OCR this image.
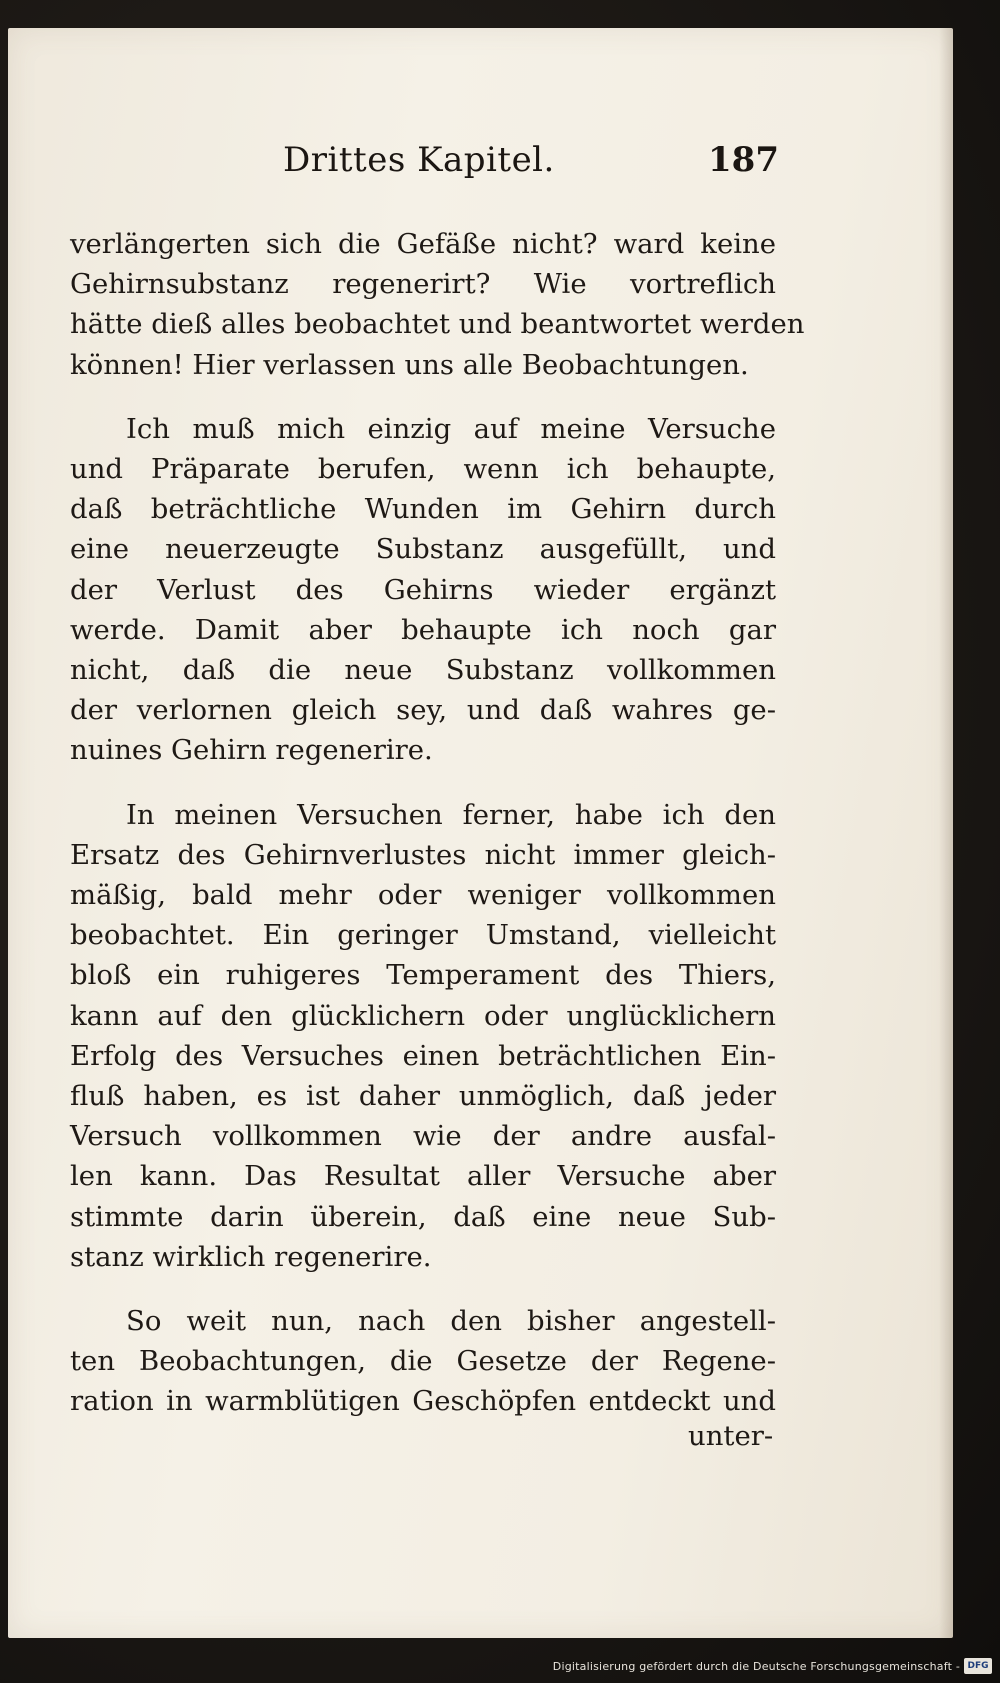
Drittes Kapitel.	187

verlängerten sich die Gefäße nicht? ward keine
Gehirnsubstanz regenerirt? Wie vortreflich
hätte dieß alles beobachtet und beantwortet werden
können! Hier verlassen uns alle Beobachtungen.

Ich muß mich einzig auf meine Versuche
und Präparate berufen, wenn ich behaupte,
daß beträchtliche Wunden im Gehirn durch
eine neuerzeugte Substanz ausgefüllt, und
der Verlust des Gehirns wieder ergänzt
werde. Damit aber behaupte ich noch gar
nicht, daß die neue Substanz vollkommen
der verlornen gleich sey, und daß wahres ge-
nuines Gehirn regenerire.

In meinen Versuchen ferner, habe ich den
Ersatz des Gehirnverlustes nicht immer gleich-
mäßig, bald mehr oder weniger vollkommen
beobachtet. Ein geringer Umstand, vielleicht
bloß ein ruhigeres Temperament des Thiers,
kann auf den glücklichern oder unglücklichern
Erfolg des Versuches einen beträchtlichen Ein-
fluß haben, es ist daher unmöglich, daß jeder
Versuch vollkommen wie der andre ausfal-
len kann. Das Resultat aller Versuche aber
stimmte darin überein, daß eine neue Sub-
stanz wirklich regenerire.

So weit nun, nach den bisher angestell-
ten Beobachtungen, die Gesetze der Regene-
ration in warmblütigen Geschöpfen entdeckt und

unter-
Digitalisierung gefördert durch die Deutsche Forschungsgemeinschaft - DFG
